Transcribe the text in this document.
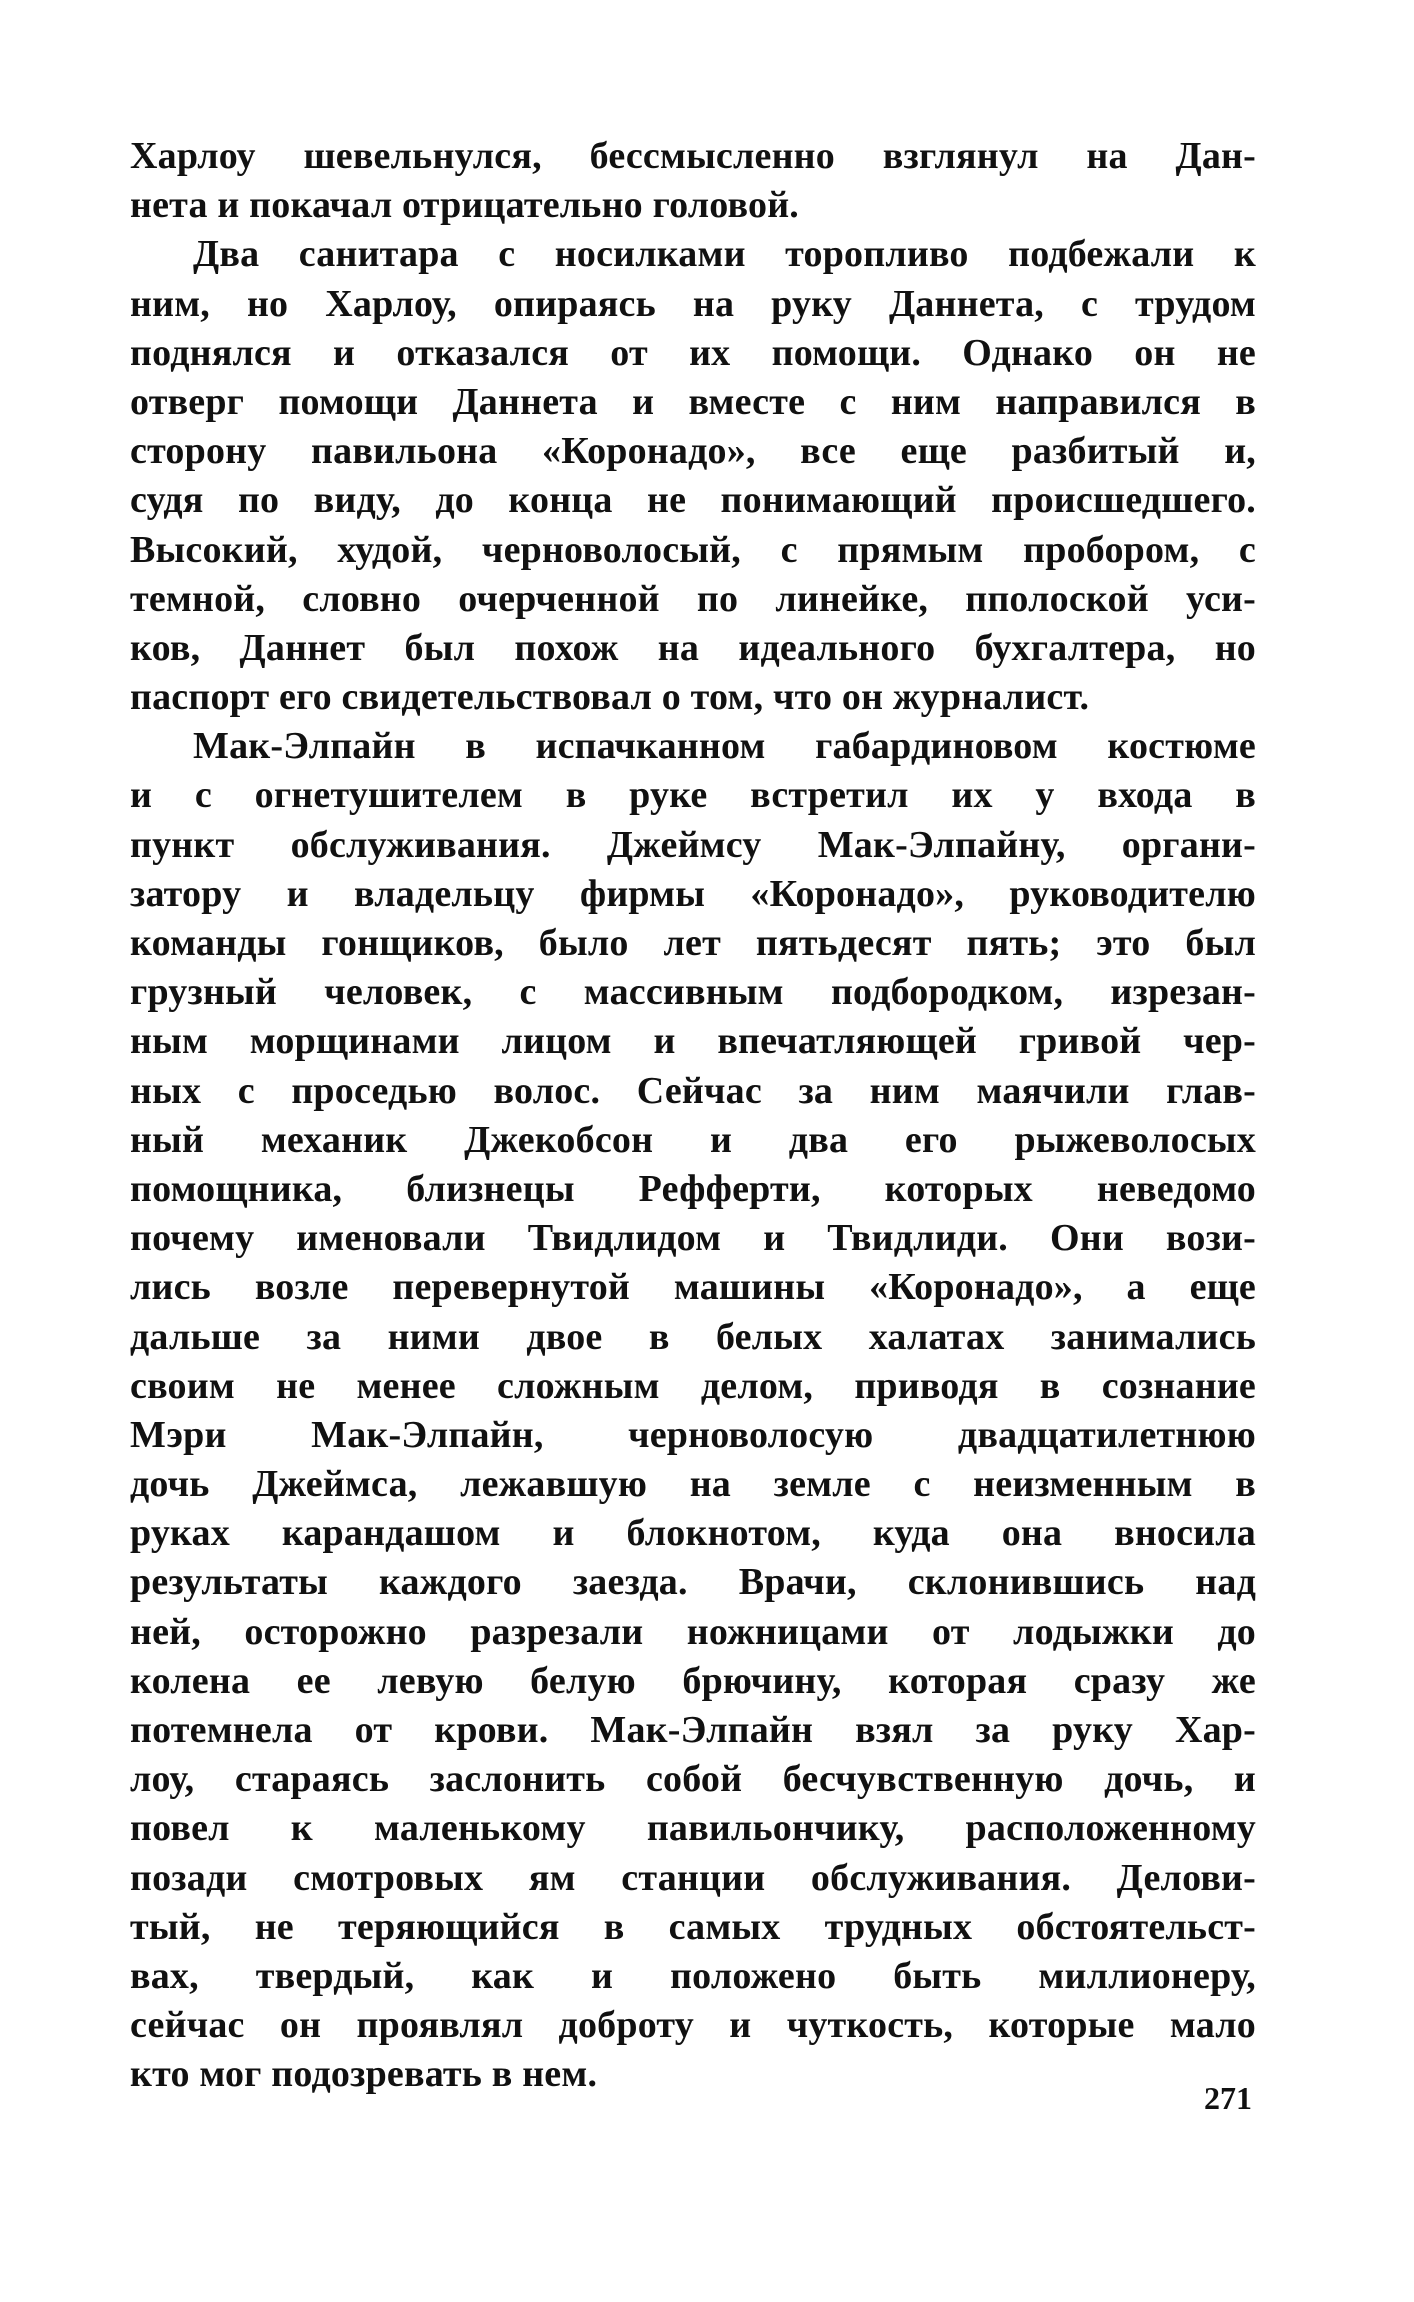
Харлоу шевельнулся, бессмысленно взглянул на Дан-
нета и покачал отрицательно головой.
Два санитара с носилками торопливо подбежали к
ним, но Харлоу, опираясь на руку Даннета, с трудом
поднялся и отказался от их помощи. Однако он не
отверг помощи Даннета и вместе с ним направился в
сторону павильона «Коронадо», все еще разбитый и,
судя по виду, до конца не понимающий происшедшего.
Высокий, худой, черноволосый, с прямым пробором, с
темной, словно очерченной по линейке, пполоской уси-
ков, Даннет был похож на идеального бухгалтера, но
паспорт его свидетельствовал о том, что он журналист.
Мак-Элпайн в испачканном габардиновом костюме
и с огнетушителем в руке встретил их у входа в
пункт обслуживания. Джеймсу Мак-Элпайну, органи-
затору и владельцу фирмы «Коронадо», руководителю
команды гонщиков, было лет пятьдесят пять; это был
грузный человек, с массивным подбородком, изрезан-
ным морщинами лицом и впечатляющей гривой чер-
ных с проседью волос. Сейчас за ним маячили глав-
ный механик Джекобсон и два его рыжеволосых
помощника, близнецы Рефферти, которых неведомо
почему именовали Твидлидом и Твидлиди. Они вози-
лись возле перевернутой машины «Коронадо», а еще
дальше за ними двое в белых халатах занимались
своим не менее сложным делом, приводя в сознание
Мэри Мак-Элпайн, черноволосую двадцатилетнюю
дочь Джеймса, лежавшую на земле с неизменным в
руках карандашом и блокнотом, куда она вносила
результаты каждого заезда. Врачи, склонившись над
ней, осторожно разрезали ножницами от лодыжки до
колена ее левую белую брючину, которая сразу же
потемнела от крови. Мак-Элпайн взял за руку Хар-
лоу, стараясь заслонить собой бесчувственную дочь, и
повел к маленькому павильончику, расположенному
позади смотровых ям станции обслуживания. Делови-
тый, не теряющийся в самых трудных обстоятельст-
вах, твердый, как и положено быть миллионеру,
сейчас он проявлял доброту и чуткость, которые мало
кто мог подозревать в нем.
271
